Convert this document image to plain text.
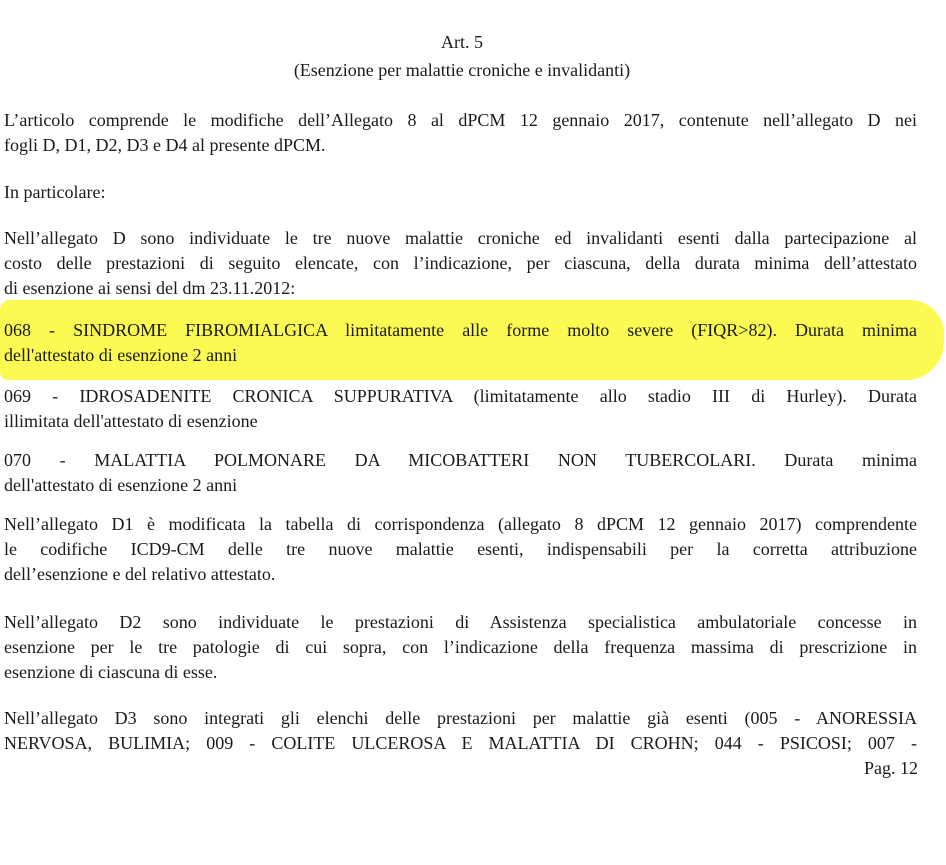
Art. 5
(Esenzione per malattie croniche e invalidanti)
L’articolo comprende le modifiche dell’Allegato 8 al dPCM 12 gennaio 2017, contenute nell’allegato D nei
fogli D, D1, D2, D3 e D4 al presente dPCM.
In particolare:
Nell’allegato D sono individuate le tre nuove malattie croniche ed invalidanti esenti dalla partecipazione al
costo delle prestazioni di seguito elencate, con l’indicazione, per ciascuna, della durata minima dell’attestato
di esenzione ai sensi del dm 23.11.2012:
068 - SINDROME FIBROMIALGICA limitatamente alle forme molto severe (FIQR>82). Durata minima
dell'attestato di esenzione 2 anni
069 - IDROSADENITE CRONICA SUPPURATIVA (limitatamente allo stadio III di Hurley). Durata
illimitata dell'attestato di esenzione
070 - MALATTIA POLMONARE DA MICOBATTERI NON TUBERCOLARI. Durata minima
dell'attestato di esenzione 2 anni
Nell’allegato D1 è modificata la tabella di corrispondenza (allegato 8 dPCM 12 gennaio 2017) comprendente
le codifiche ICD9-CM delle tre nuove malattie esenti, indispensabili per la corretta attribuzione
dell’esenzione e del relativo attestato.
Nell’allegato D2 sono individuate le prestazioni di Assistenza specialistica ambulatoriale concesse in
esenzione per le tre patologie di cui sopra, con l’indicazione della frequenza massima di prescrizione in
esenzione di ciascuna di esse.
Nell’allegato D3 sono integrati gli elenchi delle prestazioni per malattie già esenti (005 - ANORESSIA
NERVOSA, BULIMIA; 009 - COLITE ULCEROSA E MALATTIA DI CROHN; 044 - PSICOSI; 007 -
Pag. 12
